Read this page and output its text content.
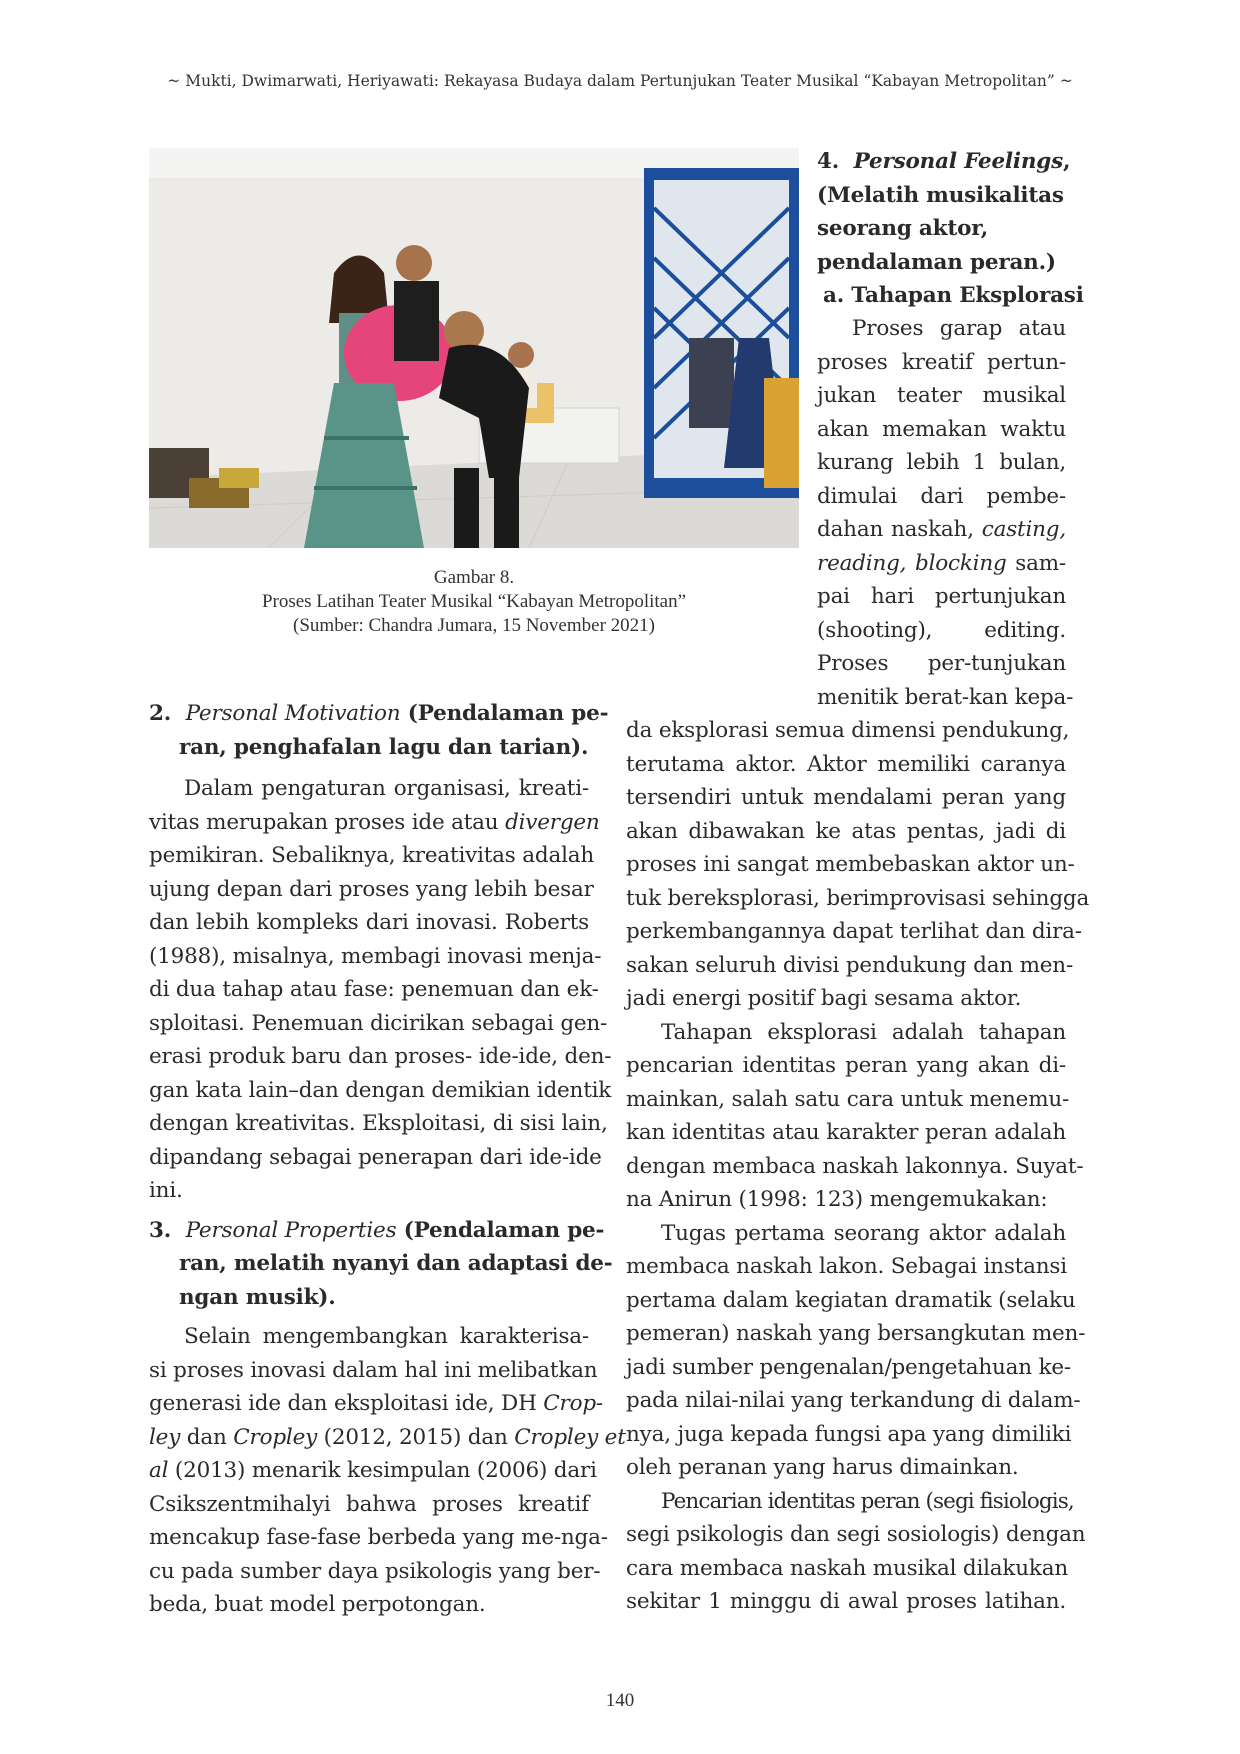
~ Mukti, Dwimarwati, Heriyawati: Rekayasa Budaya dalam Pertunjukan Teater Musikal “Kabayan Metropolitan” ~
Gambar 8.
Proses Latihan Teater Musikal “Kabayan Metropolitan”
(Sumber: Chandra Jumara, 15 November 2021)
4. Personal Feelings,
(Melatih musikalitas
seorang aktor,
pendalaman peran.)
a. Tahapan Eksplorasi
Proses garap atau
proses kreatif pertun-
jukan teater musikal
akan memakan waktu
kurang lebih 1 bulan,
dimulai dari pembe-
dahan naskah, casting,
reading, blocking sam-
pai hari pertunjukan
(shooting), editing.
Proses per-tunjukan
menitik berat-kan kepa-
da eksplorasi semua dimensi pendukung,
terutama aktor. Aktor memiliki caranya
tersendiri untuk mendalami peran yang
akan dibawakan ke atas pentas, jadi di
proses ini sangat membebaskan aktor un-
tuk bereksplorasi, berimprovisasi sehingga
perkembangannya dapat terlihat dan dira-
sakan seluruh divisi pendukung dan men-
jadi energi positif bagi sesama aktor.
Tahapan eksplorasi adalah tahapan
pencarian identitas peran yang akan di-
mainkan, salah satu cara untuk menemu-
kan identitas atau karakter peran adalah
dengan membaca naskah lakonnya. Suyat-
na Anirun (1998: 123) mengemukakan:
Tugas pertama seorang aktor adalah
membaca naskah lakon. Sebagai instansi
pertama dalam kegiatan dramatik (selaku
pemeran) naskah yang bersangkutan men-
jadi sumber pengenalan/pengetahuan ke-
pada nilai-nilai yang terkandung di dalam-
nya, juga kepada fungsi apa yang dimiliki
oleh peranan yang harus dimainkan.
Pencarian identitas peran (segi fisiologis,
segi psikologis dan segi sosiologis) dengan
cara membaca naskah musikal dilakukan
sekitar 1 minggu di awal proses latihan.
2. Personal Motivation (Pendalaman pe-
ran, penghafalan lagu dan tarian).
Dalam pengaturan organisasi, kreati-
vitas merupakan proses ide atau divergen
pemikiran. Sebaliknya, kreativitas adalah
ujung depan dari proses yang lebih besar
dan lebih kompleks dari inovasi. Roberts
(1988), misalnya, membagi inovasi menja-
di dua tahap atau fase: penemuan dan ek-
sploitasi. Penemuan dicirikan sebagai gen-
erasi produk baru dan proses- ide-ide, den-
gan kata lain–dan dengan demikian identik
dengan kreativitas. Eksploitasi, di sisi lain,
dipandang sebagai penerapan dari ide-ide
ini.
3. Personal Properties (Pendalaman pe-
ran, melatih nyanyi dan adaptasi de-
ngan musik).
Selain mengembangkan karakterisa-
si proses inovasi dalam hal ini melibatkan
generasi ide dan eksploitasi ide, DH Crop-
ley dan Cropley (2012, 2015) dan Cropley et
al (2013) menarik kesimpulan (2006) dari
Csikszentmihalyi bahwa proses kreatif
mencakup fase-fase berbeda yang me-nga-
cu pada sumber daya psikologis yang ber-
beda, buat model perpotongan.
140
